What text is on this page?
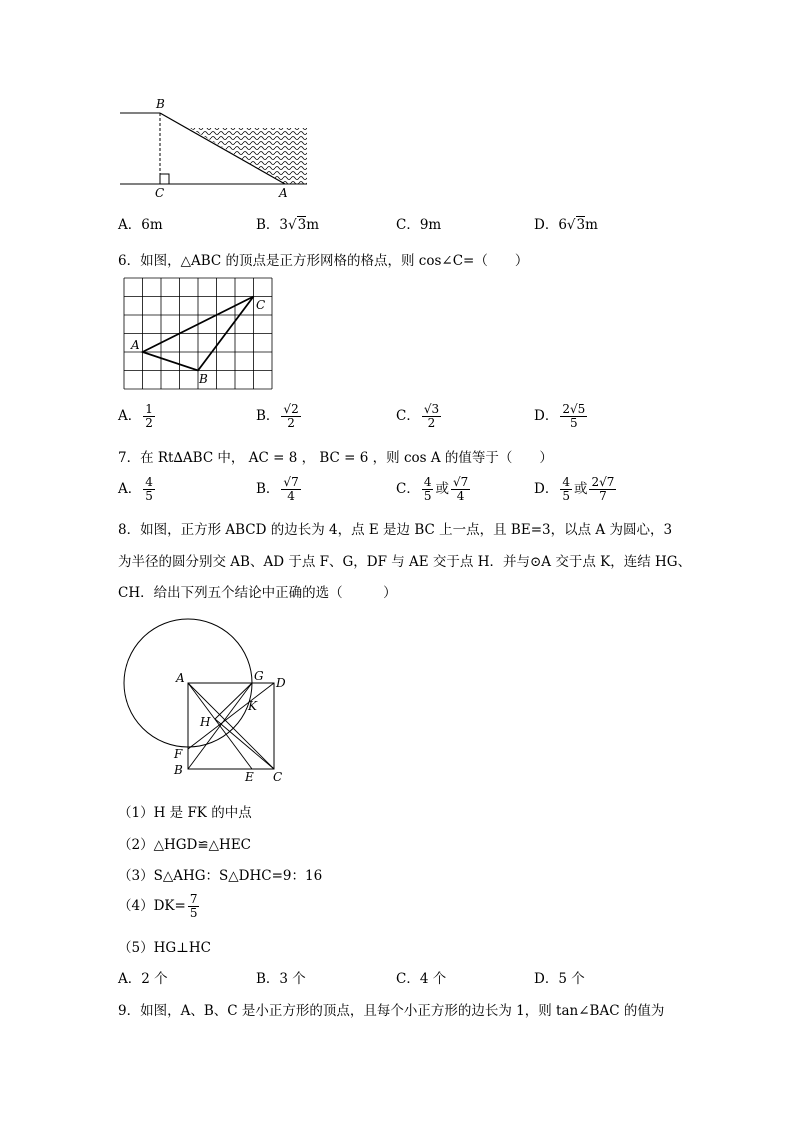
B
C	A
A．6m	B．3√3m	C．9m	D．6√3m
6．如图，△ABC 的顶点是正方形网格的格点，则 cos∠C=（　　）
A
B
C
A． $\frac{1}{2}$	B． $\frac{√2}{2}$	C． $\frac{√3}{2}$	D． $\frac{2√5}{5}$
7．在 Rt∆ABC 中， AC = 8 ， BC = 6 ，则 cos A 的值等于（　　）
A． $\frac{4}{5}$	B． $\frac{√7}{4}$	C． $\frac{4}{5}$ 或 $\frac{√7}{4}$	D． $\frac{4}{5}$ 或 $\frac{2√7}{7}$
8．如图，正方形 ABCD 的边长为 4，点 E 是边 BC 上一点，且 BE=3，以点 A 为圆心，3
为半径的圆分别交 AB、AD 于点 F、G，DF 与 AE 交于点 H．并与⊙A 交于点 K，连结 HG、
CH．给出下列五个结论中正确的选（　　　）
A	G D
H
K
F
B	E C
（1）H 是 FK 的中点
（2）△HGD≌△HEC
（3）S△AHG：S△DHC=9：16
$(4)DK= \frac{7}{5}$
（5）HG⊥HC
A．2 个	B．3 个	C．4 个	D．5 个
9．如图，A、B、C 是小正方形的顶点，且每个小正方形的边长为 1，则 tan∠BAC 的值为
